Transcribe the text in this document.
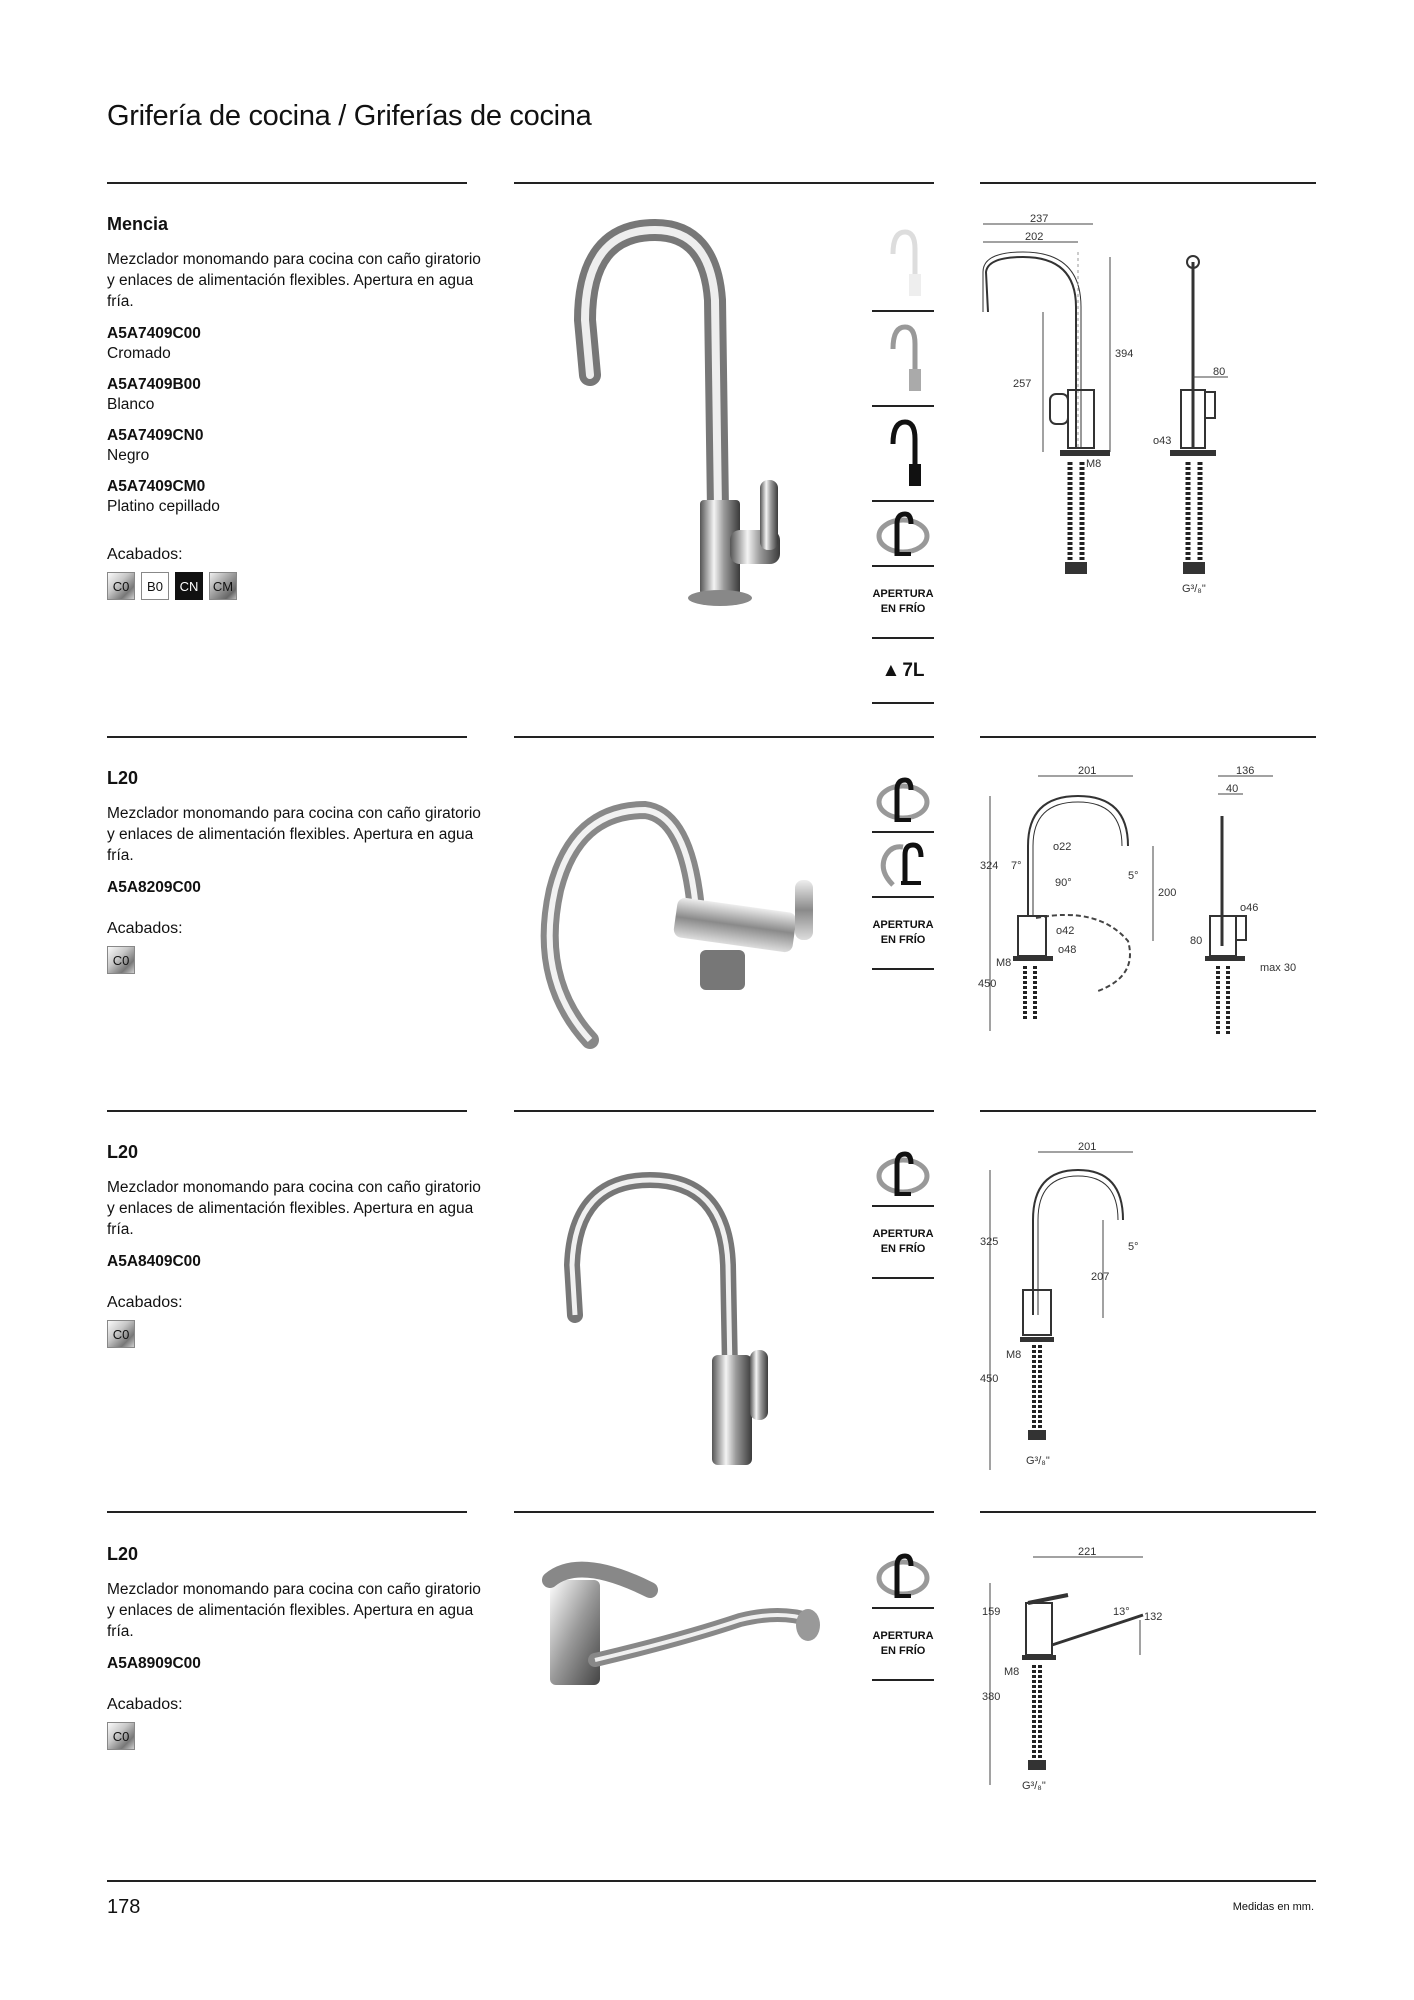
Grifería de cocina / Griferías de cocina
Mencia
Mezclador monomando para cocina con caño giratorio y enlaces de alimentación flexibles. Apertura en agua fría.
A5A7409C00
Cromado
A5A7409B00
Blanco
A5A7409CN0
Negro
A5A7409CM0
Platino cepillado
Acabados:
C0	B0	CN	CM
APERTURA
EN FRÍO
▲ 7L
237
202
394
257
M8
80
o43
G³/₈"
L20
Mezclador monomando para cocina con caño giratorio y enlaces de alimentación flexibles. Apertura en agua fría.
A5A8209C00
Acabados:
C0
APERTURA
EN FRÍO
201
o22
324 7°
5°
90°
200
o42
M8
o48
450
136
40
o46
80
max 30
L20
Mezclador monomando para cocina con caño giratorio y enlaces de alimentación flexibles. Apertura en agua fría.
A5A8409C00
Acabados:
C0
APERTURA
EN FRÍO
201
325	5°
207
M8
450
G³/₈"
L20
Mezclador monomando para cocina con caño giratorio y enlaces de alimentación flexibles. Apertura en agua fría.
A5A8909C00
Acabados:
C0
APERTURA
EN FRÍO
221
159	13° 132
M8
380
G³/₈"
178	Medidas en mm.
